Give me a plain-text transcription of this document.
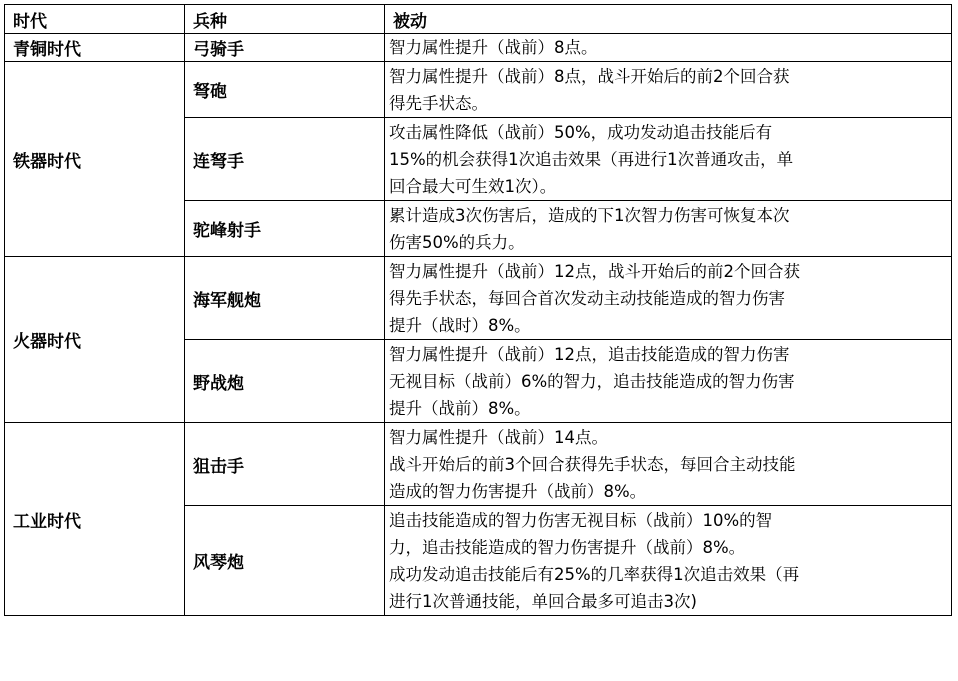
时代	兵种	被动
青铜时代	弓骑手	智力属性提升（战前）8点。

铁器时代	弩砲	智力属性提升（战前）8点，战斗开始后的前2个回合获
得先手状态。

	连弩手	攻击属性降低（战前）50%，成功发动追击技能后有
15%的机会获得1次追击效果（再进行1次普通攻击，单
回合最大可生效1次）。

	驼峰射手	累计造成3次伤害后，造成的下1次智力伤害可恢复本次
伤害50%的兵力。

火器时代	海军舰炮	智力属性提升（战前）12点，战斗开始后的前2个回合获
得先手状态，每回合首次发动主动技能造成的智力伤害
提升（战时）8%。

	野战炮	智力属性提升（战前）12点，追击技能造成的智力伤害
无视目标（战前）6%的智力，追击技能造成的智力伤害
提升（战前）8%。

工业时代	狙击手	智力属性提升（战前）14点。
战斗开始后的前3个回合获得先手状态，每回合主动技能
造成的智力伤害提升（战前）8%。

	风琴炮	追击技能造成的智力伤害无视目标（战前）10%的智
力，追击技能造成的智力伤害提升（战前）8%。
成功发动追击技能后有25%的几率获得1次追击效果（再
进行1次普通技能，单回合最多可追击3次)
